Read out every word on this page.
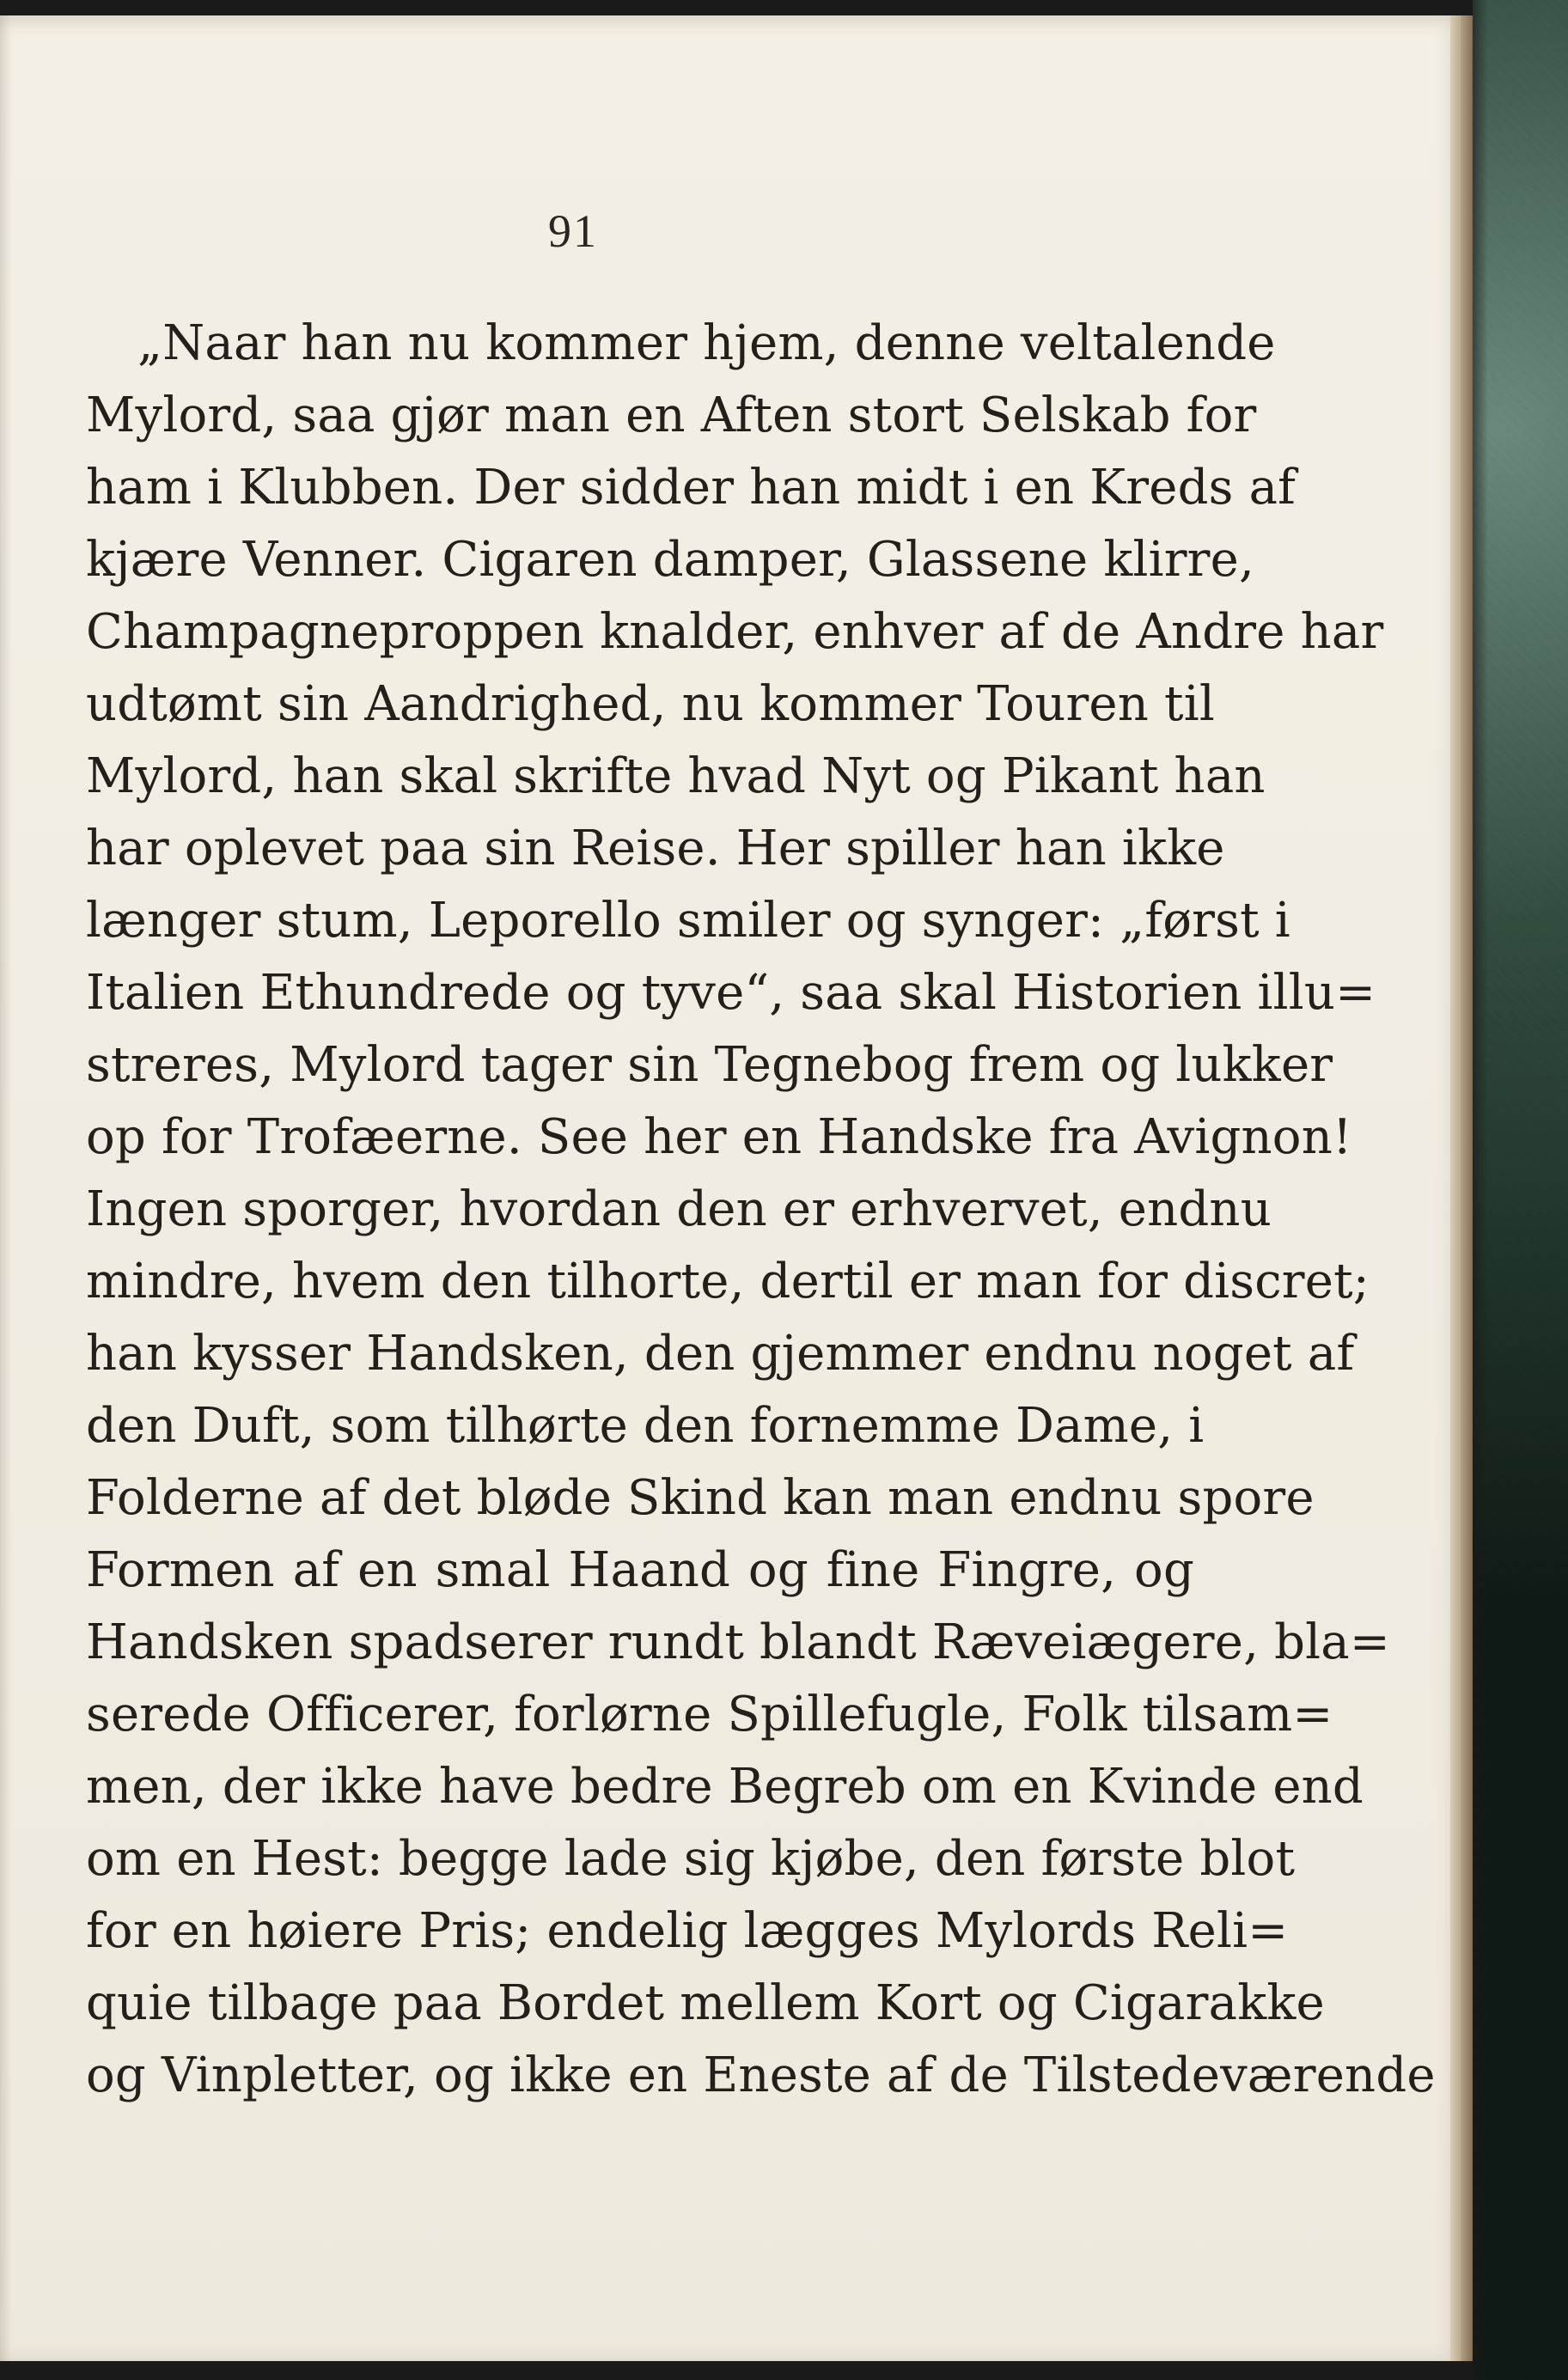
91
„Naar han nu kommer hjem, denne veltalende
Mylord, saa gjør man en Aften stort Selskab for
ham i Klubben. Der sidder han midt i en Kreds af
kjære Venner. Cigaren damper, Glassene klirre,
Champagneproppen knalder, enhver af de Andre har
udtømt sin Aandrighed, nu kommer Touren til
Mylord, han skal skrifte hvad Nyt og Pikant han
har oplevet paa sin Reise. Her spiller han ikke
længer stum, Leporello smiler og synger: „først i
Italien Ethundrede og tyve“, saa skal Historien illu=
streres, Mylord tager sin Tegnebog frem og lukker
op for Trofæerne. See her en Handske fra Avignon!
Ingen sporger, hvordan den er erhvervet, endnu
mindre, hvem den tilhorte, dertil er man for discret;
han kysser Handsken, den gjemmer endnu noget af
den Duft, som tilhørte den fornemme Dame, i
Folderne af det bløde Skind kan man endnu spore
Formen af en smal Haand og fine Fingre, og
Handsken spadserer rundt blandt Ræveiægere, bla=
serede Officerer, forlørne Spillefugle, Folk tilsam=
men, der ikke have bedre Begreb om en Kvinde end
om en Hest: begge lade sig kjøbe, den første blot
for en høiere Pris; endelig lægges Mylords Reli=
quie tilbage paa Bordet mellem Kort og Cigarakke
og Vinpletter, og ikke en Eneste af de Tilstedeværende
